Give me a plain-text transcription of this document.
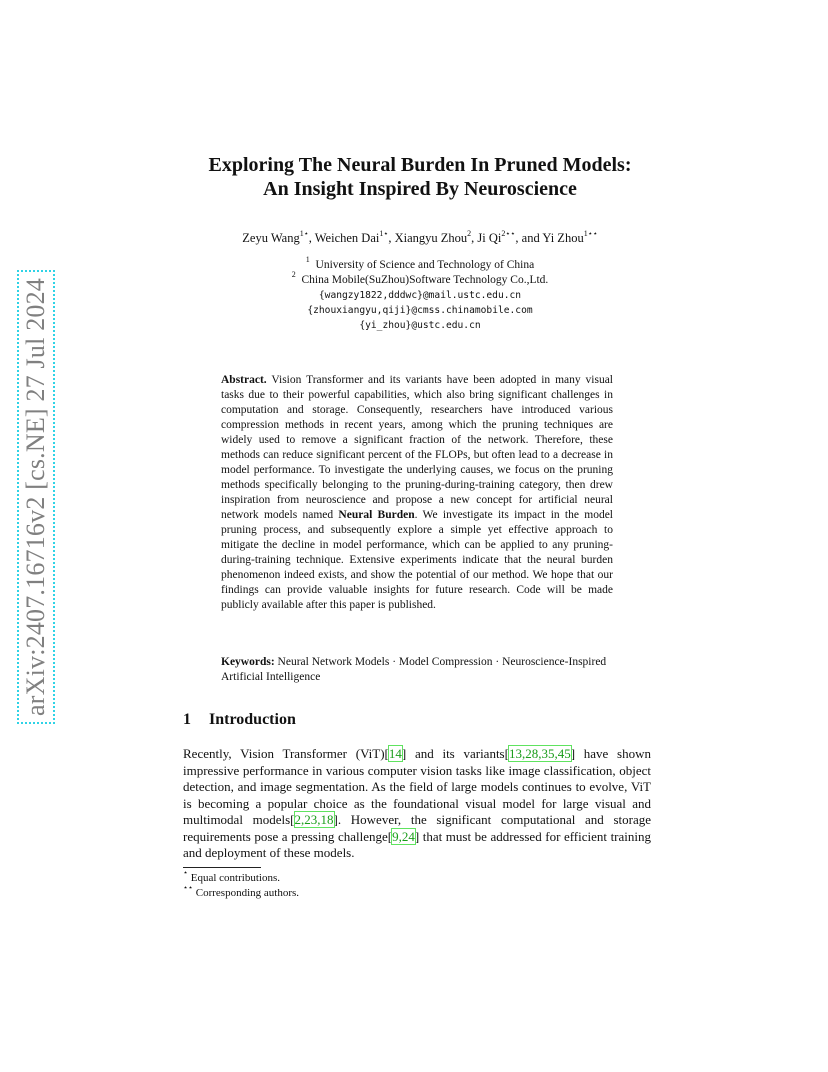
arXiv:2407.16716v2 [cs.NE] 27 Jul 2024
Exploring The Neural Burden In Pruned Models:
An Insight Inspired By Neuroscience
Zeyu Wang$^{1⋆}$, Weichen Dai$^{1⋆}$, Xiangyu Zhou$^2$, Ji $Qi^{2⋆⋆}$, and Yi Zhou$^{1⋆⋆}$
$^1$ University of Science and Technology of China
$^2$ China Mobile(SuZhou)Software Technology Co.,Ltd.
{wangzy1822,dddwc}@mail.ustc.edu.cn
{zhouxiangyu,qiji}@cmss.chinamobile.com
{yi_zhou}@ustc.edu.cn
Abstract. Vision Transformer and its variants have been adopted in many visual tasks due to their powerful capabilities, which also bring significant challenges in computation and storage. Consequently, researchers have introduced various compression methods in recent years, among which the pruning techniques are widely used to remove a significant fraction of the network. Therefore, these methods can reduce significant percent of the FLOPs, but often lead to a decrease in model performance. To investigate the underlying causes, we focus on the pruning methods specifically belonging to the pruning-during-training category, then drew inspiration from neuroscience and propose a new concept for artificial neural network models named Neural Burden. We investigate its impact in the model pruning process, and subsequently explore a simple yet effective approach to mitigate the decline in model performance, which can be applied to any pruning-during-training technique. Extensive experiments indicate that the neural burden phenomenon indeed exists, and show the potential of our method. We hope that our findings can provide valuable insights for future research. Code will be made publicly available after this paper is published.
Keywords: Neural Network Models · Model Compression · Neuroscience-Inspired Artificial Intelligence
1 Introduction
Recently, Vision Transformer (ViT)[14] and its variants[13,28,35,45] have shown impressive performance in various computer vision tasks like image classification, object detection, and image segmentation. As the field of large models continues to evolve, ViT is becoming a popular choice as the foundational visual model for large visual and multimodal models[2,23,18]. However, the significant computational and storage requirements pose a pressing challenge[9,24] that must be addressed for efficient training and deployment of these models.
⋆ Equal contributions.
⋆⋆ Corresponding authors.
